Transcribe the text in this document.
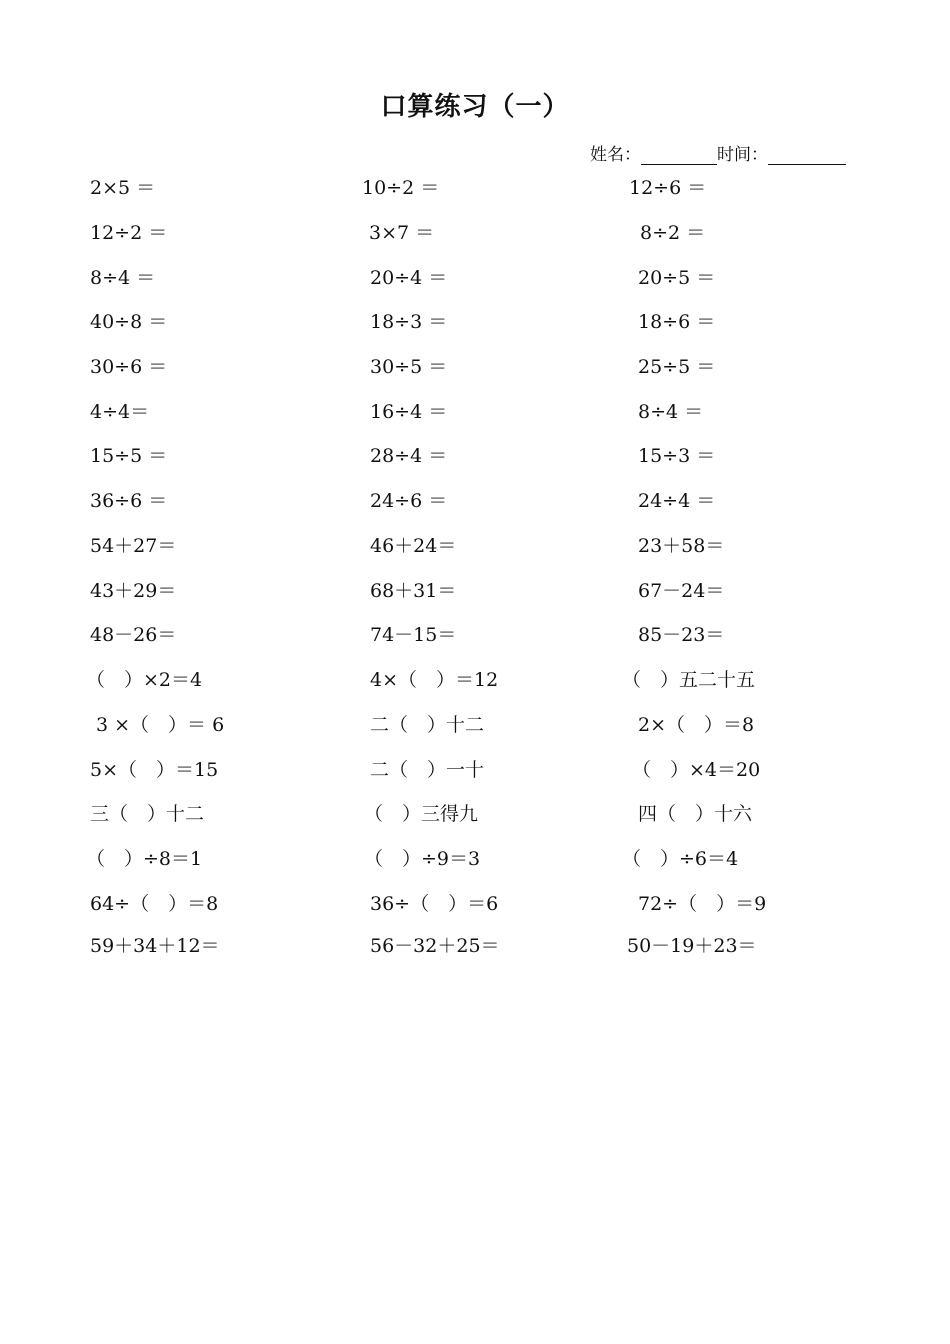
口算练习（一）
姓名：	时间：
2×5 ＝	10÷2 ＝	12÷6 ＝
12÷2 ＝	3×7 ＝	8÷2 ＝
8÷4 ＝	20÷4 ＝	20÷5 ＝
40÷8 ＝	18÷3 ＝	18÷6 ＝
30÷6 ＝	30÷5 ＝	25÷5 ＝
4÷4＝	16÷4 ＝	8÷4 ＝
15÷5 ＝	28÷4 ＝	15÷3 ＝
36÷6 ＝	24÷6 ＝	24÷4 ＝
54＋27＝	46＋24＝	23＋58＝
43＋29＝	68＋31＝	67－24＝
48－26＝	74－15＝	85－23＝
（　）×2＝4	4×（　）＝12	（　）五二十五
3 ×（　）＝ 6	二（　）十二	2×（　）＝8
5×（　）＝15	二（　）一十	（　）×4＝20
三（　）十二	（　）三得九	四（　）十六
（　）÷8＝1	（　）÷9＝3	（　）÷6＝4
64÷（　）＝8	36÷（　）＝6	72÷（　）＝9
59＋34＋12＝	56－32＋25＝	50－19＋23＝
